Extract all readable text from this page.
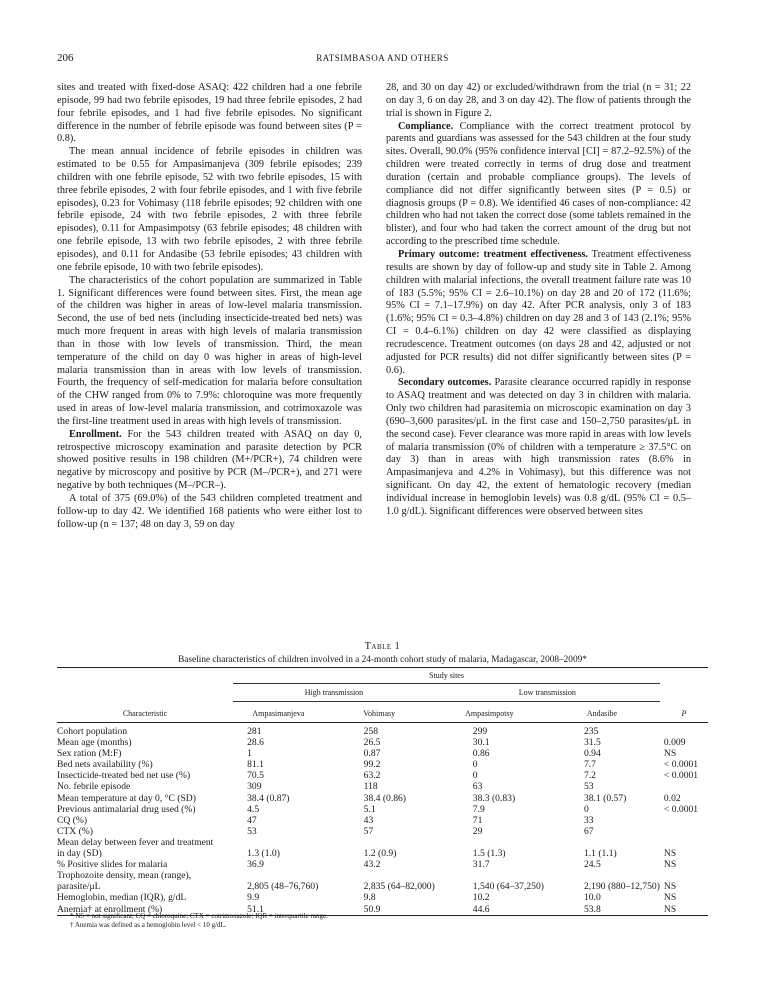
206	RATSIMBASOA AND OTHERS

sites and treated with fixed-dose ASAQ: 422 children had a one febrile episode, 99 had two febrile episodes, 19 had three febrile episodes, 2 had four febrile episodes, and 1 had five febrile episodes. No significant difference in the number of febrile episode was found between sites (P = 0.8).

The mean annual incidence of febrile episodes in children was estimated to be 0.55 for Ampasimanjeva (309 febrile episodes; 239 children with one febrile episode, 52 with two febrile episodes, 15 with three febrile episodes, 2 with four febrile episodes, and 1 with five febrile episodes), 0.23 for Vohimasy (118 febrile episodes; 92 children with one febrile episode, 24 with two febrile episodes, 2 with three febrile episodes), 0.11 for Ampasimpotsy (63 febrile episodes; 48 children with one febrile episode, 13 with two febrile episodes, 2 with three febrile episodes), and 0.11 for Andasibe (53 febrile episodes; 43 children with one febrile episode, 10 with two febrile episodes).

The characteristics of the cohort population are summarized in Table 1. Significant differences were found between sites. First, the mean age of the children was higher in areas of low-level malaria transmission. Second, the use of bed nets (including insecticide-treated bed nets) was much more frequent in areas with high levels of malaria transmission than in those with low levels of transmission. Third, the mean temperature of the child on day 0 was higher in areas of high-level malaria transmission than in areas with low levels of transmission. Fourth, the frequency of self-medication for malaria before consultation of the CHW ranged from 0% to 7.9%: chloroquine was more frequently used in areas of low-level malaria transmission, and cotrimoxazole was the first-line treatment used in areas with high levels of transmission.

Enrollment. For the 543 children treated with ASAQ on day 0, retrospective microscopy examination and parasite detection by PCR showed positive results in 198 children (M+/PCR+), 74 children were negative by microscopy and positive by PCR (M–/PCR+), and 271 were negative by both techniques (M–/PCR–).

A total of 375 (69.0%) of the 543 children completed treatment and follow-up to day 42. We identified 168 patients who were either lost to follow-up (n = 137; 48 on day 3, 59 on day

28, and 30 on day 42) or excluded/withdrawn from the trial (n = 31; 22 on day 3, 6 on day 28, and 3 on day 42). The flow of patients through the trial is shown in Figure 2.

Compliance. Compliance with the correct treatment protocol by parents and guardians was assessed for the 543 children at the four study sites. Overall, 90.0% (95% confidence interval [CI] = 87.2–92.5%) of the children were treated correctly in terms of drug dose and treatment duration (certain and probable compliance groups). The levels of compliance did not differ significantly between sites (P = 0.5) or diagnosis groups (P = 0.8). We identified 46 cases of non-compliance: 42 children who had not taken the correct dose (some tablets remained in the blister), and four who had taken the correct amount of the drug but not according to the prescribed time schedule.

Primary outcome: treatment effectiveness. Treatment effectiveness results are shown by day of follow-up and study site in Table 2. Among children with malarial infections, the overall treatment failure rate was 10 of 183 (5.5%; 95% CI = 2.6–10.1%) on day 28 and 20 of 172 (11.6%; 95% CI = 7.1–17.9%) on day 42. After PCR analysis, only 3 of 183 (1.6%; 95% CI = 0.3–4.8%) children on day 28 and 3 of 143 (2.1%; 95% CI = 0.4–6.1%) children on day 42 were classified as displaying recrudescence. Treatment outcomes (on days 28 and 42, adjusted or not adjusted for PCR results) did not differ significantly between sites (P = 0.6).

Secondary outcomes. Parasite clearance occurred rapidly in response to ASAQ treatment and was detected on day 3 in children with malaria. Only two children had parasitemia on microscopic examination on day 3 (690–3,600 parasites/μL in the first case and 150–2,750 parasites/μL in the second case). Fever clearance was more rapid in areas with low levels of malaria transmission (0% of children with a temperature ≥ 37.5°C on day 3) than in areas with high transmission rates (8.6% in Ampasimanjeva and 4.2% in Vohimasy), but this difference was not significant. On day 42, the extent of hematologic recovery (median individual increase in hemoglobin levels) was 0.8 g/dL (95% CI = 0.5–1.0 g/dL). Significant differences were observed between sites

Table 1
Baseline characteristics of children involved in a 24-month cohort study of malaria, Madagascar, 2008–2009*
	Study sites				
	High transmission		Low transmission		
Characteristic	Ampasimanjeva	Vohimasy	Ampasimpotsy	Andasibe	P
Cohort population	281	258	299	235	
Mean age (months)	28.6	26.5	30.1	31.5	0.009
Sex ration (M:F)	1	0.87	0.86	0.94	NS
Bed nets availability (%)	81.1	99.2	0	7.7	< 0.0001
Insecticide-treated bed net use (%)	70.5	63.2	0	7.2	< 0.0001
No. febrile episode	309	118	63	53	
Mean temperature at day 0, °C (SD)	38.4 (0.87)	38.4 (0.86)	38.3 (0.83)	38.1 (0.57)	0.02
Previous antimalarial drug used (%)	4.5	5.1	7.9	0	< 0.0001
CQ (%)	47	43	71	33	
CTX (%)	53	57	29	67	
Mean delay between fever and treatment					
in day (SD)	1.3 (1.0)	1.2 (0.9)	1.5 (1.3)	1.1 (1.1)	NS
% Positive slides for malaria	36.9	43.2	31.7	24.5	NS
Trophozoite density, mean (range),					
parasite/μL	2,805 (48–76,760)	2,835 (64–82,000)	1,540 (64–37,250)	2,190 (880–12,750)	NS
Hemoglobin, median (IQR), g/dL	9.9	9.8	10.2	10.0	NS
Anemia† at enrollment (%)	51.1	50.9	44.6	53.8	NS
* NS = not significant; CQ = chloroquine; CTX = cotrimoxazole; IQR = interquartile range.
† Anemia was defined as a hemoglobin level < 10 g/dL.
